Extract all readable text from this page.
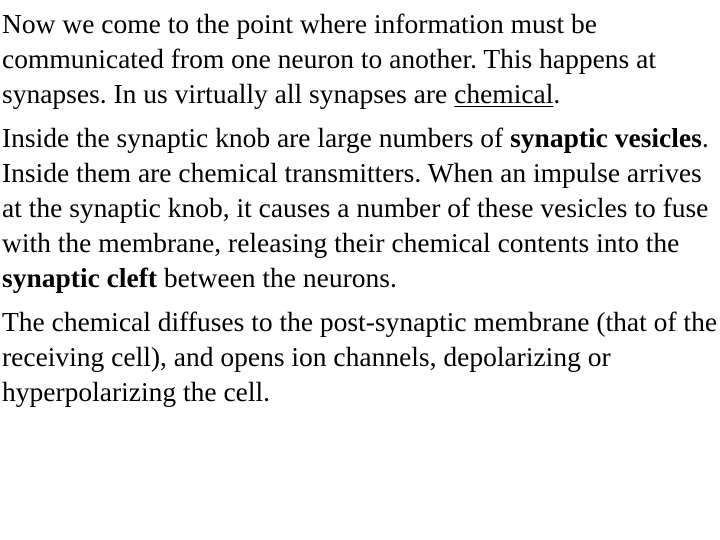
Now we come to the point where information must be communicated from one neuron to another. This happens at synapses. In us virtually all synapses are chemical.

Inside the synaptic knob are large numbers of synaptic vesicles. Inside them are chemical transmitters. When an impulse arrives at the synaptic knob, it causes a number of these vesicles to fuse with the membrane, releasing their chemical contents into the synaptic cleft between the neurons.

The chemical diffuses to the post-synaptic membrane (that of the receiving cell), and opens ion channels, depolarizing or hyperpolarizing the cell.
